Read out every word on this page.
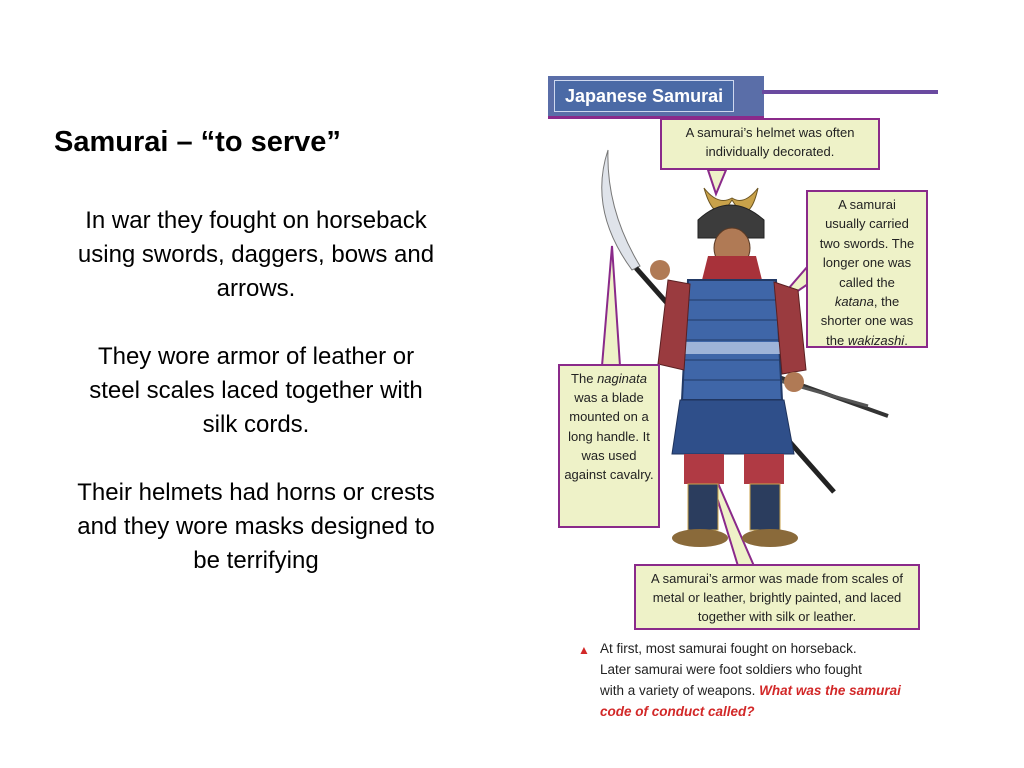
Samurai – “to serve”
In war they fought on horseback using swords, daggers, bows and arrows.
They wore armor of leather or steel scales laced together with silk cords.
Their helmets had horns or crests and they wore masks designed to be terrifying
Japanese Samurai
A samurai’s helmet was often individually decorated.
A samurai
usually carried
two swords. The
longer one was
called the
katana, the
shorter one was
the wakizashi.
The naginata was a blade mounted on a long handle. It was used against cavalry.
A samurai’s armor was made from scales of metal or leather, brightly painted, and laced together with silk or leather.
▲ At first, most samurai fought on horseback.
Later samurai were foot soldiers who fought
with a variety of weapons. What was the samurai code of conduct called?
